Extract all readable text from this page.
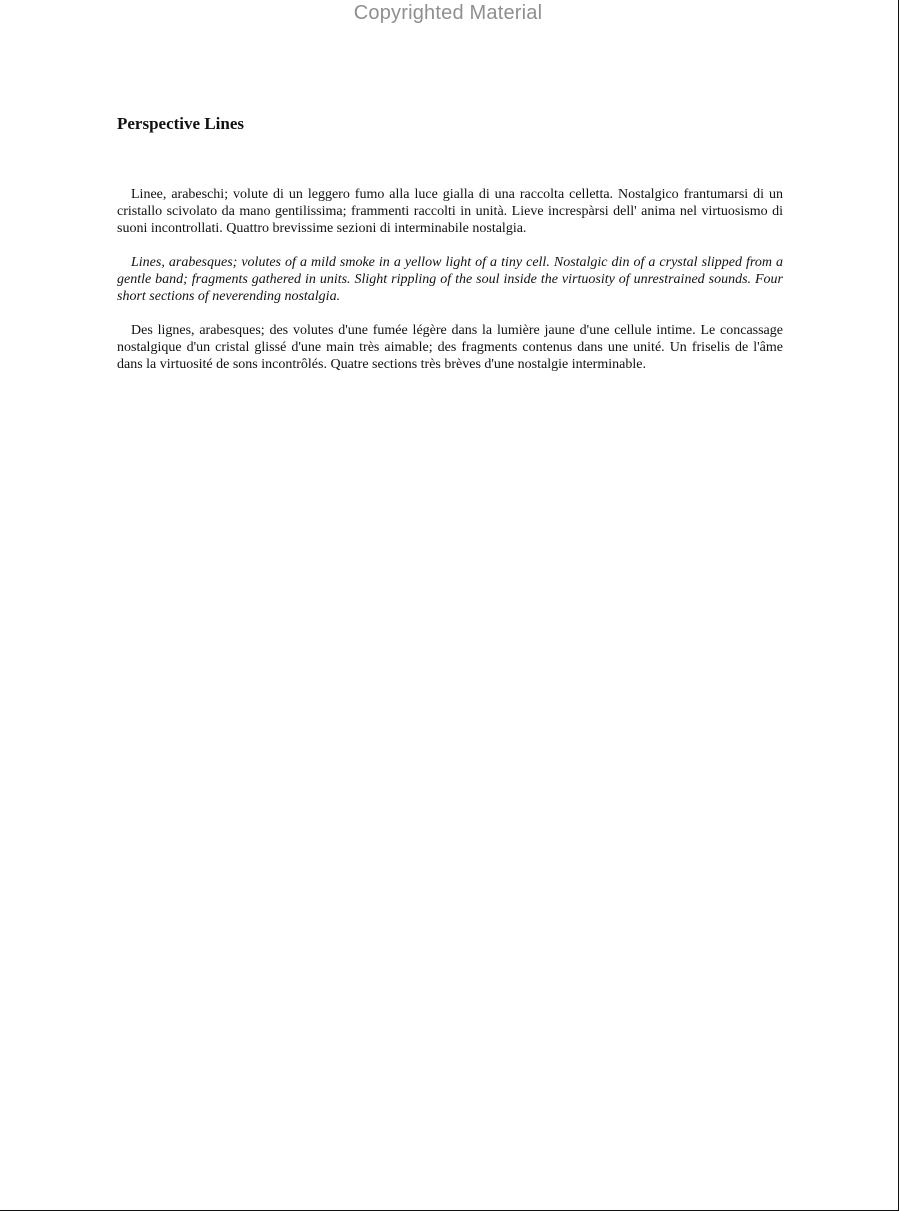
Copyrighted Material
Perspective Lines

Linee, arabeschi; volute di un leggero fumo alla luce gialla di una raccolta celletta. Nostalgico frantumarsi di un cristallo scivolato da mano gentilissima; frammenti raccolti in unità. Lieve increspàrsi dell' anima nel virtuosismo di suoni incontrollati. Quattro brevissime sezioni di interminabile nostalgia.

Lines, arabesques; volutes of a mild smoke in a yellow light of a tiny cell. Nostalgic din of a crystal slipped from a gentle band; fragments gathered in units. Slight rippling of the soul inside the virtuosity of unrestrained sounds. Four short sections of neverending nostalgia.

Des lignes, arabesques; des volutes d'une fumée légère dans la lumière jaune d'une cellule intime. Le concassage nostalgique d'un cristal glissé d'une main très aimable; des fragments contenus dans une unité. Un friselis de l'âme dans la virtuosité de sons incontrôlés. Quatre sections très brèves d'une nostalgie interminable.
